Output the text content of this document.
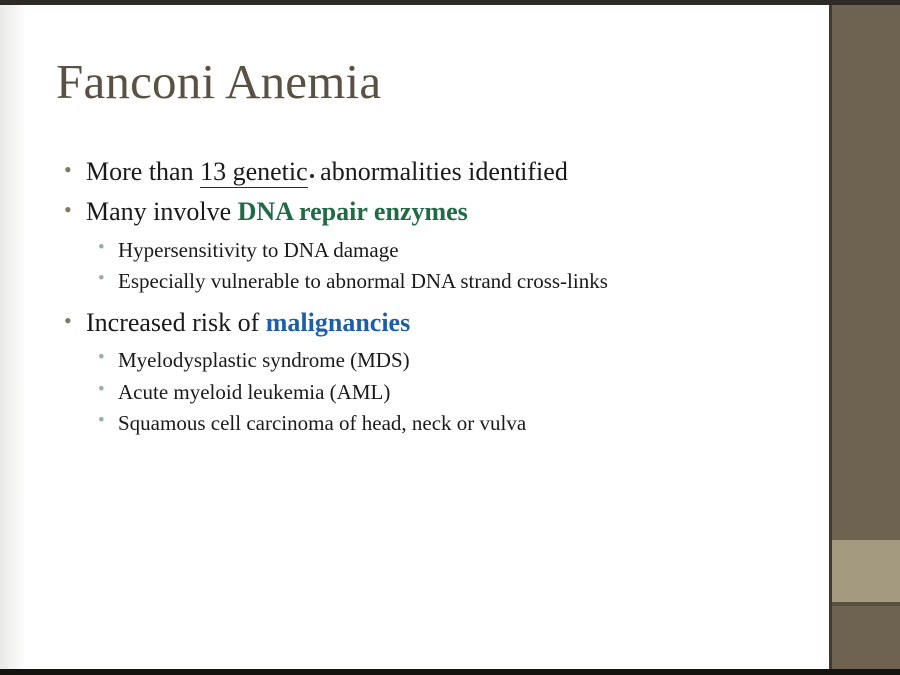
Fanconi Anemia
• More than 13 genetic abnormalities identified
• Many involve DNA repair enzymes
• Hypersensitivity to DNA damage
• Especially vulnerable to abnormal DNA strand cross-links
• Increased risk of malignancies
• Myelodysplastic syndrome (MDS)
• Acute myeloid leukemia (AML)
• Squamous cell carcinoma of head, neck or vulva
